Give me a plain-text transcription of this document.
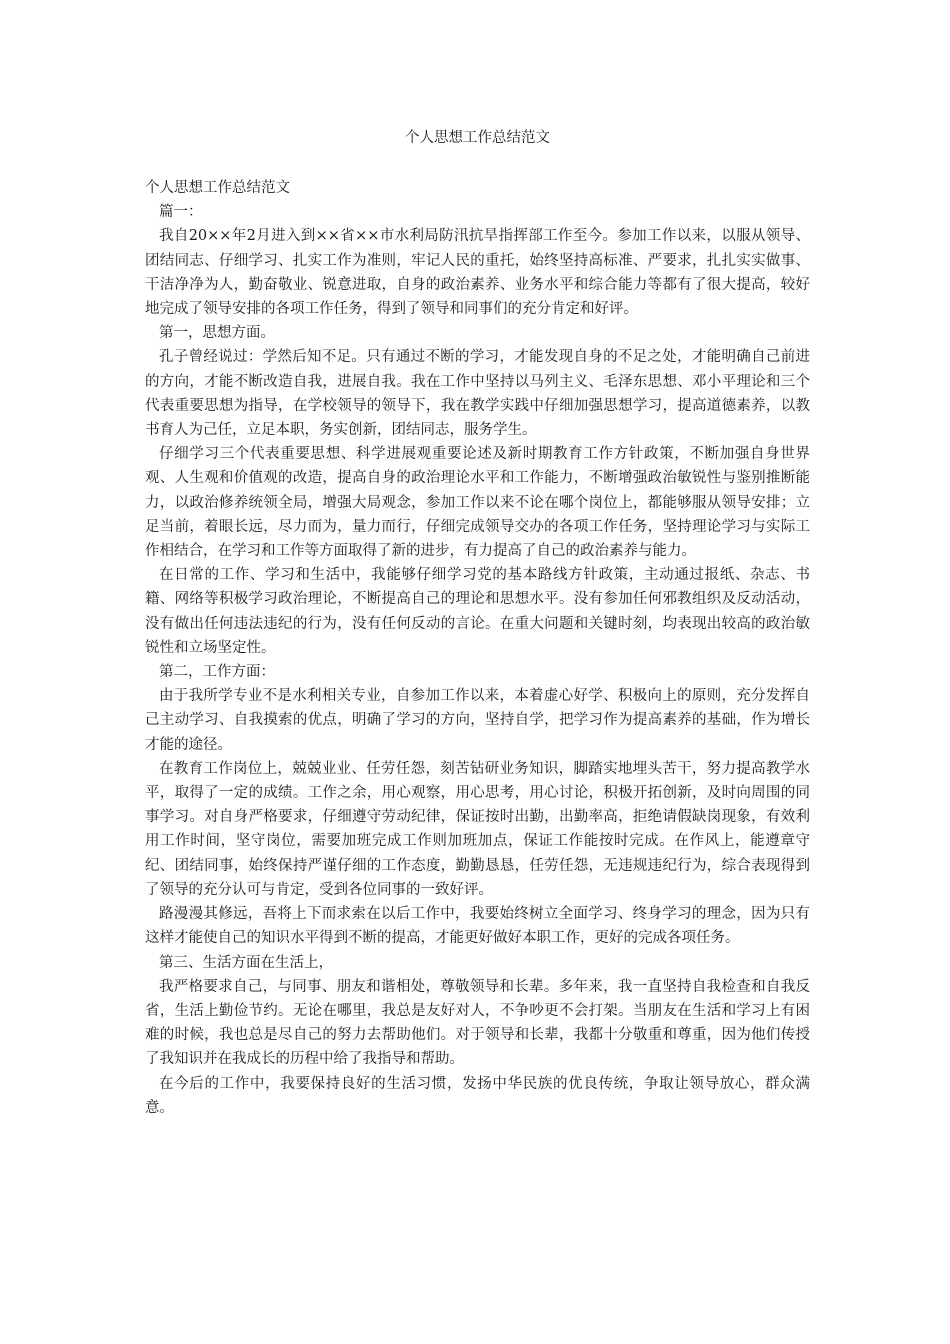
个人思想工作总结范文

个人思想工作总结范文

篇一：

我自20××年2月进入到××省××市水利局防汛抗旱指挥部工作至今。参加工作以来，以服从领导、团结同志、仔细学习、扎实工作为准则，牢记人民的重托，始终坚持高标准、严要求，扎扎实实做事、干洁净净为人，勤奋敬业、锐意进取，自身的政治素养、业务水平和综合能力等都有了很大提高，较好地完成了领导安排的各项工作任务，得到了领导和同事们的充分肯定和好评。

第一，思想方面。

孔子曾经说过：学然后知不足。只有通过不断的学习，才能发现自身的不足之处，才能明确自己前进的方向，才能不断改造自我，进展自我。我在工作中坚持以马列主义、毛泽东思想、邓小平理论和三个代表重要思想为指导，在学校领导的领导下，我在教学实践中仔细加强思想学习，提高道德素养，以教书育人为己任，立足本职，务实创新，团结同志，服务学生。

仔细学习三个代表重要思想、科学进展观重要论述及新时期教育工作方针政策，不断加强自身世界观、人生观和价值观的改造，提高自身的政治理论水平和工作能力，不断增强政治敏锐性与鉴别推断能力，以政治修养统领全局，增强大局观念，参加工作以来不论在哪个岗位上，都能够服从领导安排；立足当前，着眼长远，尽力而为，量力而行，仔细完成领导交办的各项工作任务，坚持理论学习与实际工作相结合，在学习和工作等方面取得了新的进步，有力提高了自己的政治素养与能力。

在日常的工作、学习和生活中，我能够仔细学习党的基本路线方针政策，主动通过报纸、杂志、书籍、网络等积极学习政治理论，不断提高自己的理论和思想水平。没有参加任何邪教组织及反动活动，没有做出任何违法违纪的行为，没有任何反动的言论。在重大问题和关键时刻，均表现出较高的政治敏锐性和立场坚定性。

第二，工作方面：

由于我所学专业不是水利相关专业，自参加工作以来，本着虚心好学、积极向上的原则，充分发挥自己主动学习、自我摸索的优点，明确了学习的方向，坚持自学，把学习作为提高素养的基础，作为增长才能的途径。

在教育工作岗位上，兢兢业业、任劳任怨，刻苦钻研业务知识，脚踏实地埋头苦干，努力提高教学水平，取得了一定的成绩。工作之余，用心观察，用心思考，用心讨论，积极开拓创新，及时向周围的同事学习。对自身严格要求，仔细遵守劳动纪律，保证按时出勤，出勤率高，拒绝请假缺岗现象，有效利用工作时间，坚守岗位，需要加班完成工作则加班加点，保证工作能按时完成。在作风上，能遵章守纪、团结同事，始终保持严谨仔细的工作态度，勤勤恳恳，任劳任怨，无违规违纪行为，综合表现得到了领导的充分认可与肯定，受到各位同事的一致好评。

路漫漫其修远，吾将上下而求索在以后工作中，我要始终树立全面学习、终身学习的理念，因为只有这样才能使自己的知识水平得到不断的提高，才能更好做好本职工作，更好的完成各项任务。

第三、生活方面在生活上，

我严格要求自己，与同事、朋友和谐相处，尊敬领导和长辈。多年来，我一直坚持自我检查和自我反省，生活上勤俭节约。无论在哪里，我总是友好对人，不争吵更不会打架。当朋友在生活和学习上有困难的时候，我也总是尽自己的努力去帮助他们。对于领导和长辈，我都十分敬重和尊重，因为他们传授了我知识并在我成长的历程中给了我指导和帮助。

在今后的工作中，我要保持良好的生活习惯，发扬中华民族的优良传统，争取让领导放心，群众满意。
